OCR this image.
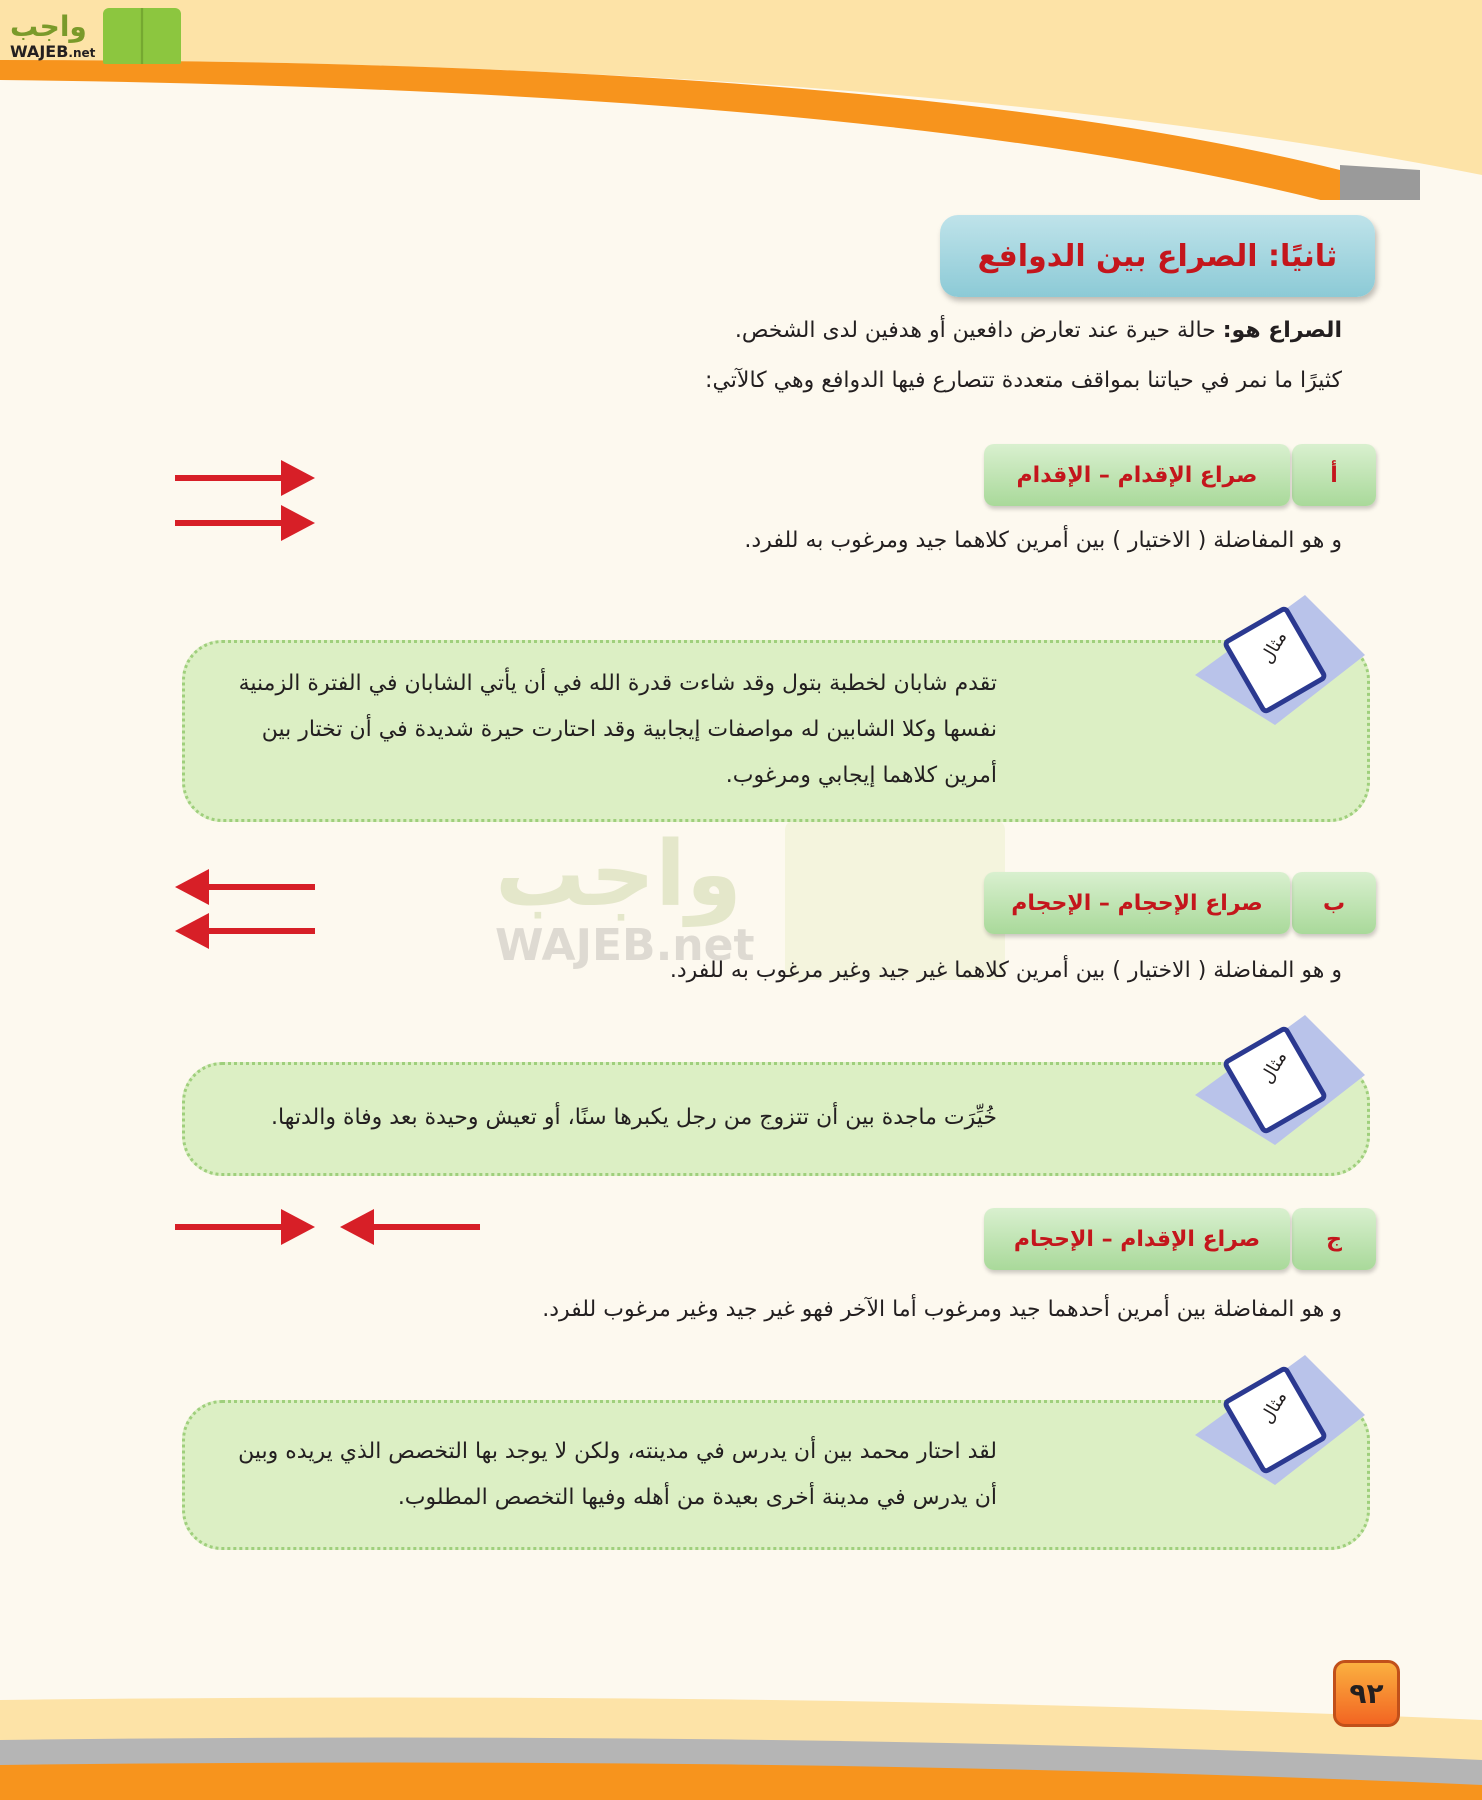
واجب
WAJEB.net
واجب
WAJEB.net
ثانيًا: الصراع بين الدوافع
الصراع هو: حالة حيرة عند تعارض دافعين أو هدفين لدى الشخص.
كثيرًا ما نمر في حياتنا بمواقف متعددة تتصارع فيها الدوافع وهي كالآتي:
أ
صراع الإقدام – الإقدام
و هو المفاضلة ( الاختيار ) بين أمرين كلاهما جيد ومرغوب به للفرد.

تقدم شابان لخطبة بتول وقد شاءت قدرة الله في أن يأتي الشابان في الفترة الزمنية نفسها وكلا الشابين له مواصفات إيجابية وقد احتارت حيرة شديدة في أن تختار بين أمرين كلاهما إيجابي ومرغوب.

ب
صراع الإحجام – الإحجام
و هو المفاضلة ( الاختيار ) بين أمرين كلاهما غير جيد وغير مرغوب به للفرد.

خُيِّرَت ماجدة بين أن تتزوج من رجل يكبرها سنًا، أو تعيش وحيدة بعد وفاة والدتها.

ج
صراع الإقدام – الإحجام
و هو المفاضلة بين أمرين أحدهما جيد ومرغوب أما الآخر فهو غير جيد وغير مرغوب للفرد.

لقد احتار محمد بين أن يدرس في مدينته، ولكن لا يوجد بها التخصص الذي يريده وبين أن يدرس في مدينة أخرى بعيدة من أهله وفيها التخصص المطلوب.

مثال
مثال
مثال
٩٢
